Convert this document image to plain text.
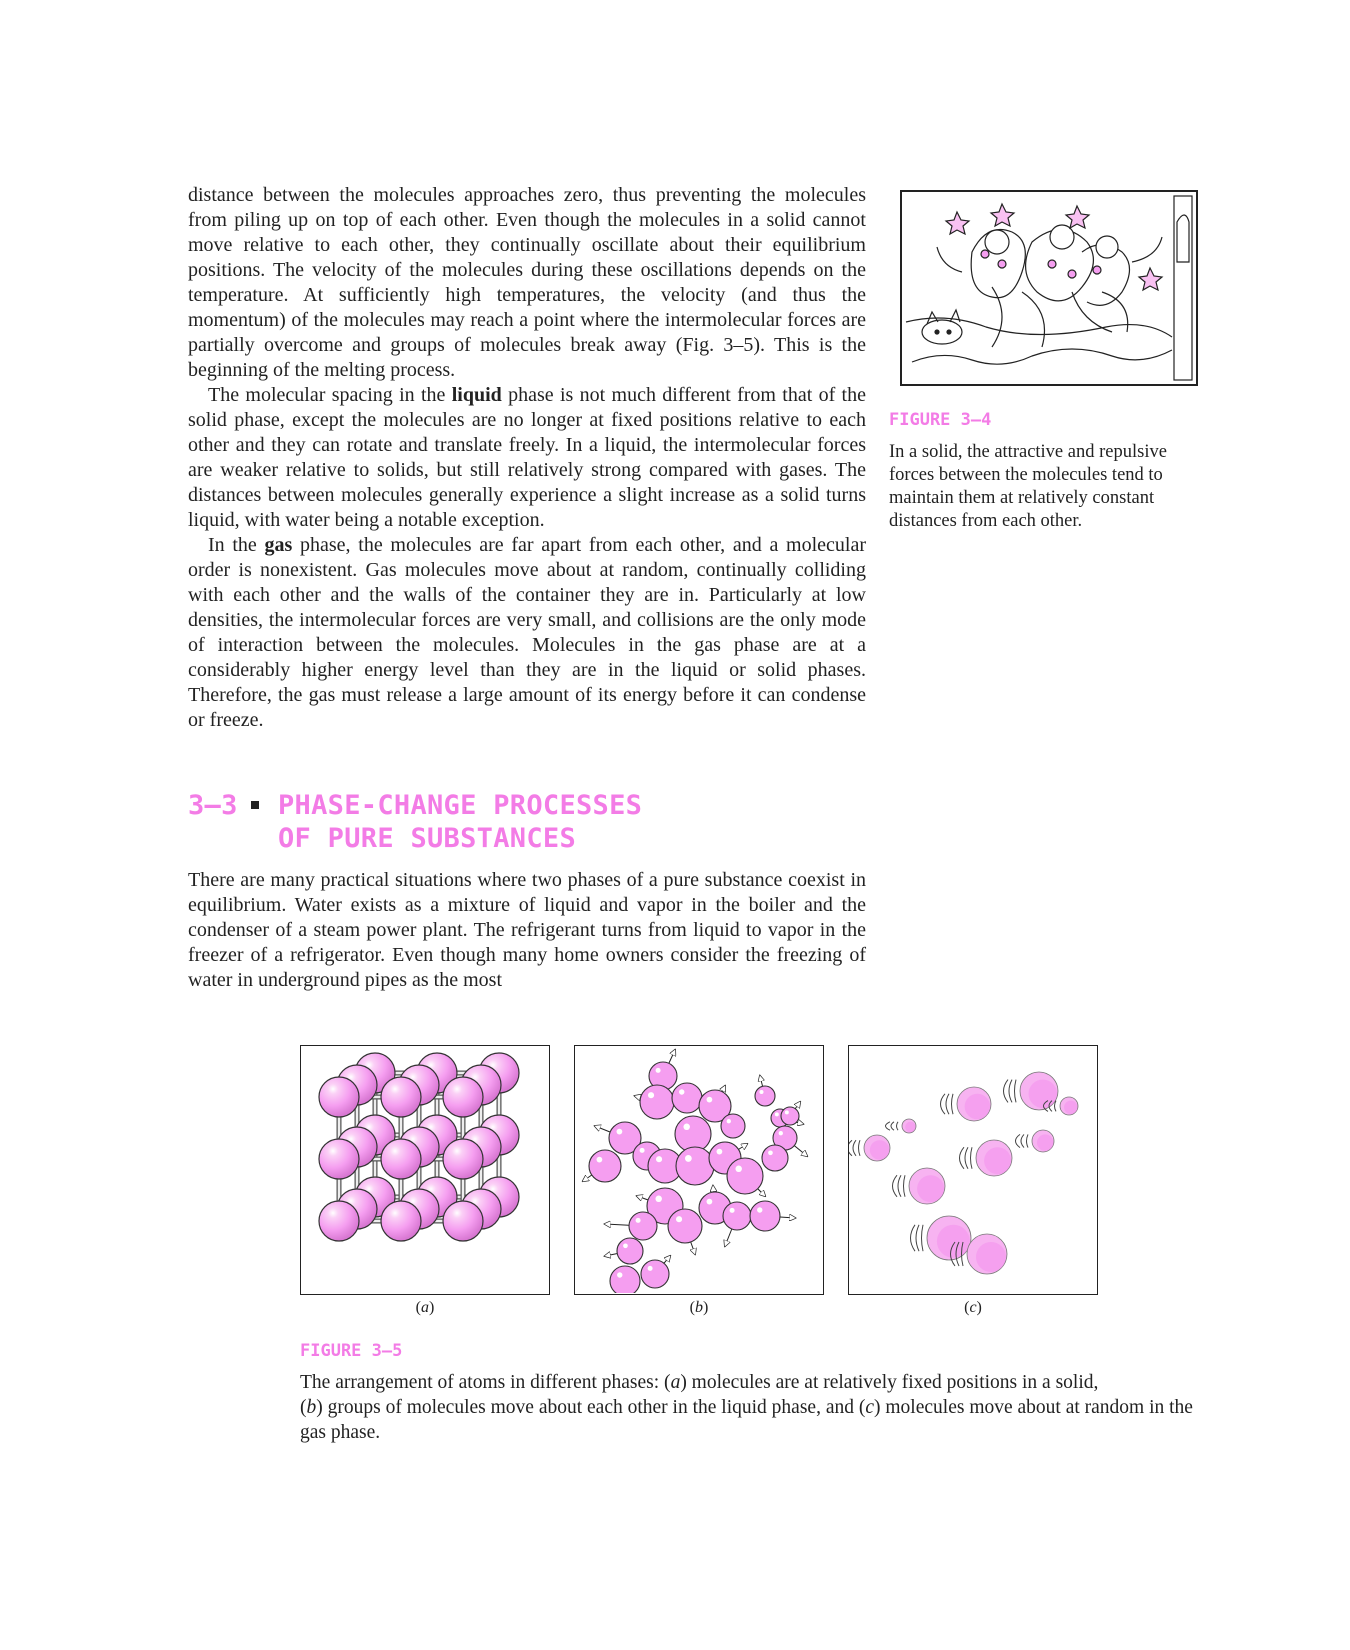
distance between the molecules approaches zero, thus preventing the molecules from piling up on top of each other. Even though the molecules in a solid cannot move relative to each other, they continually oscillate about their equilibrium positions. The velocity of the molecules during these oscillations depends on the temperature. At sufficiently high temperatures, the velocity (and thus the momentum) of the molecules may reach a point where the intermolecular forces are partially overcome and groups of molecules break away (Fig. 3–5). This is the beginning of the melting process.

The molecular spacing in the liquid phase is not much different from that of the solid phase, except the molecules are no longer at fixed positions relative to each other and they can rotate and translate freely. In a liquid, the intermolecular forces are weaker relative to solids, but still relatively strong compared with gases. The distances between molecules generally experience a slight increase as a solid turns liquid, with water being a notable exception.

In the gas phase, the molecules are far apart from each other, and a molecular order is nonexistent. Gas molecules move about at random, continually colliding with each other and the walls of the container they are in. Particularly at low densities, the intermolecular forces are very small, and collisions are the only mode of interaction between the molecules. Molecules in the gas phase are at a considerably higher energy level than they are in the liquid or solid phases. Therefore, the gas must release a large amount of its energy before it can condense or freeze.

3–3 PHASE-CHANGE PROCESSES
OF PURE SUBSTANCES

There are many practical situations where two phases of a pure substance coexist in equilibrium. Water exists as a mixture of liquid and vapor in the boiler and the condenser of a steam power plant. The refrigerant turns from liquid to vapor in the freezer of a refrigerator. Even though many home owners consider the freezing of water in underground pipes as the most

FIGURE 3–4
In a solid, the attractive and repulsive forces between the molecules tend to maintain them at relatively constant distances from each other.
(a)	(b)	(c)
FIGURE 3–5
The arrangement of atoms in different phases: (a) molecules are at relatively fixed positions in a solid,
(b) groups of molecules move about each other in the liquid phase, and (c) molecules move about at random in the gas phase.
